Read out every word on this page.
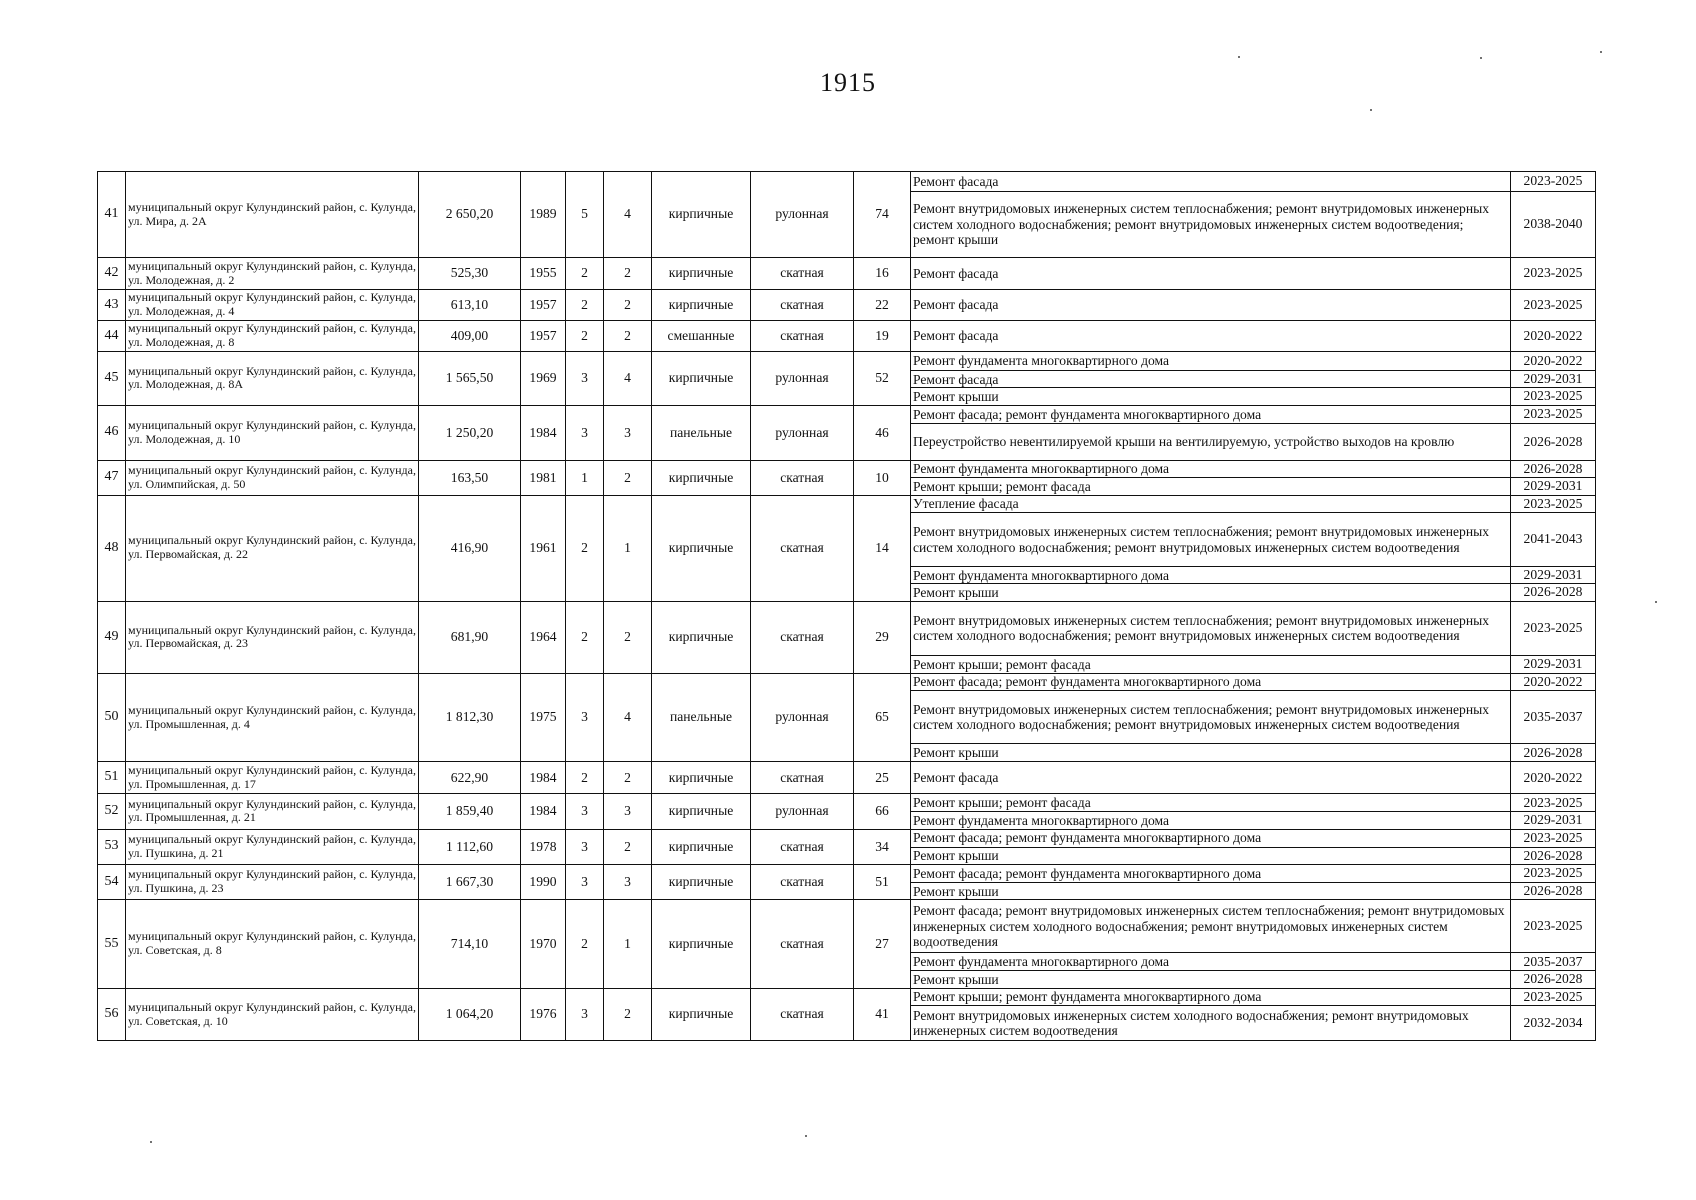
1915
41	муниципальный округ Кулундинский район, с. Кулунда, ул. Мира, д. 2А	2 650,20	1989	5	4	кирпичные	рулонная	74	Ремонт фасада	2023-2025
									Ремонт внутридомовых инженерных систем теплоснабжения; ремонт внутридомовых инженерных систем холодного водоснабжения; ремонт внутридомовых инженерных систем водоотведения; ремонт крыши	2038-2040
42	муниципальный округ Кулундинский район, с. Кулунда, ул. Молодежная, д. 2	525,30	1955	2	2	кирпичные	скатная	16	Ремонт фасада	2023-2025
43	муниципальный округ Кулундинский район, с. Кулунда, ул. Молодежная, д. 4	613,10	1957	2	2	кирпичные	скатная	22	Ремонт фасада	2023-2025
44	муниципальный округ Кулундинский район, с. Кулунда, ул. Молодежная, д. 8	409,00	1957	2	2	смешанные	скатная	19	Ремонт фасада	2020-2022
45	муниципальный округ Кулундинский район, с. Кулунда, ул. Молодежная, д. 8А	1 565,50	1969	3	4	кирпичные	рулонная	52	Ремонт фундамента многоквартирного дома	2020-2022
									Ремонт фасада	2029-2031
									Ремонт крыши	2023-2025
46	муниципальный округ Кулундинский район, с. Кулунда, ул. Молодежная, д. 10	1 250,20	1984	3	3	панельные	рулонная	46	Ремонт фасада; ремонт фундамента многоквартирного дома	2023-2025
									Переустройство невентилируемой крыши на вентилируемую, устройство выходов на кровлю	2026-2028
47	муниципальный округ Кулундинский район, с. Кулунда, ул. Олимпийская, д. 50	163,50	1981	1	2	кирпичные	скатная	10	Ремонт фундамента многоквартирного дома	2026-2028
									Ремонт крыши; ремонт фасада	2029-2031
48	муниципальный округ Кулундинский район, с. Кулунда, ул. Первомайская, д. 22	416,90	1961	2	1	кирпичные	скатная	14	Утепление фасада	2023-2025
									Ремонт внутридомовых инженерных систем теплоснабжения; ремонт внутридомовых инженерных систем холодного водоснабжения; ремонт внутридомовых инженерных систем водоотведения	2041-2043
									Ремонт фундамента многоквартирного дома	2029-2031
									Ремонт крыши	2026-2028
49	муниципальный округ Кулундинский район, с. Кулунда, ул. Первомайская, д. 23	681,90	1964	2	2	кирпичные	скатная	29	Ремонт внутридомовых инженерных систем теплоснабжения; ремонт внутридомовых инженерных систем холодного водоснабжения; ремонт внутридомовых инженерных систем водоотведения	2023-2025
									Ремонт крыши; ремонт фасада	2029-2031
50	муниципальный округ Кулундинский район, с. Кулунда, ул. Промышленная, д. 4	1 812,30	1975	3	4	панельные	рулонная	65	Ремонт фасада; ремонт фундамента многоквартирного дома	2020-2022
									Ремонт внутридомовых инженерных систем теплоснабжения; ремонт внутридомовых инженерных систем холодного водоснабжения; ремонт внутридомовых инженерных систем водоотведения	2035-2037
									Ремонт крыши	2026-2028
51	муниципальный округ Кулундинский район, с. Кулунда, ул. Промышленная, д. 17	622,90	1984	2	2	кирпичные	скатная	25	Ремонт фасада	2020-2022
52	муниципальный округ Кулундинский район, с. Кулунда, ул. Промышленная, д. 21	1 859,40	1984	3	3	кирпичные	рулонная	66	Ремонт крыши; ремонт фасада	2023-2025
									Ремонт фундамента многоквартирного дома	2029-2031
53	муниципальный округ Кулундинский район, с. Кулунда, ул. Пушкина, д. 21	1 112,60	1978	3	2	кирпичные	скатная	34	Ремонт фасада; ремонт фундамента многоквартирного дома	2023-2025
									Ремонт крыши	2026-2028
54	муниципальный округ Кулундинский район, с. Кулунда, ул. Пушкина, д. 23	1 667,30	1990	3	3	кирпичные	скатная	51	Ремонт фасада; ремонт фундамента многоквартирного дома	2023-2025
									Ремонт крыши	2026-2028
55	муниципальный округ Кулундинский район, с. Кулунда, ул. Советская, д. 8	714,10	1970	2	1	кирпичные	скатная	27	Ремонт фасада; ремонт внутридомовых инженерных систем теплоснабжения; ремонт внутридомовых инженерных систем холодного водоснабжения; ремонт внутридомовых инженерных систем водоотведения	2023-2025
									Ремонт фундамента многоквартирного дома	2035-2037
									Ремонт крыши	2026-2028
56	муниципальный округ Кулундинский район, с. Кулунда, ул. Советская, д. 10	1 064,20	1976	3	2	кирпичные	скатная	41	Ремонт крыши; ремонт фундамента многоквартирного дома	2023-2025
									Ремонт внутридомовых инженерных систем холодного водоснабжения; ремонт внутридомовых инженерных систем водоотведения	2032-2034
